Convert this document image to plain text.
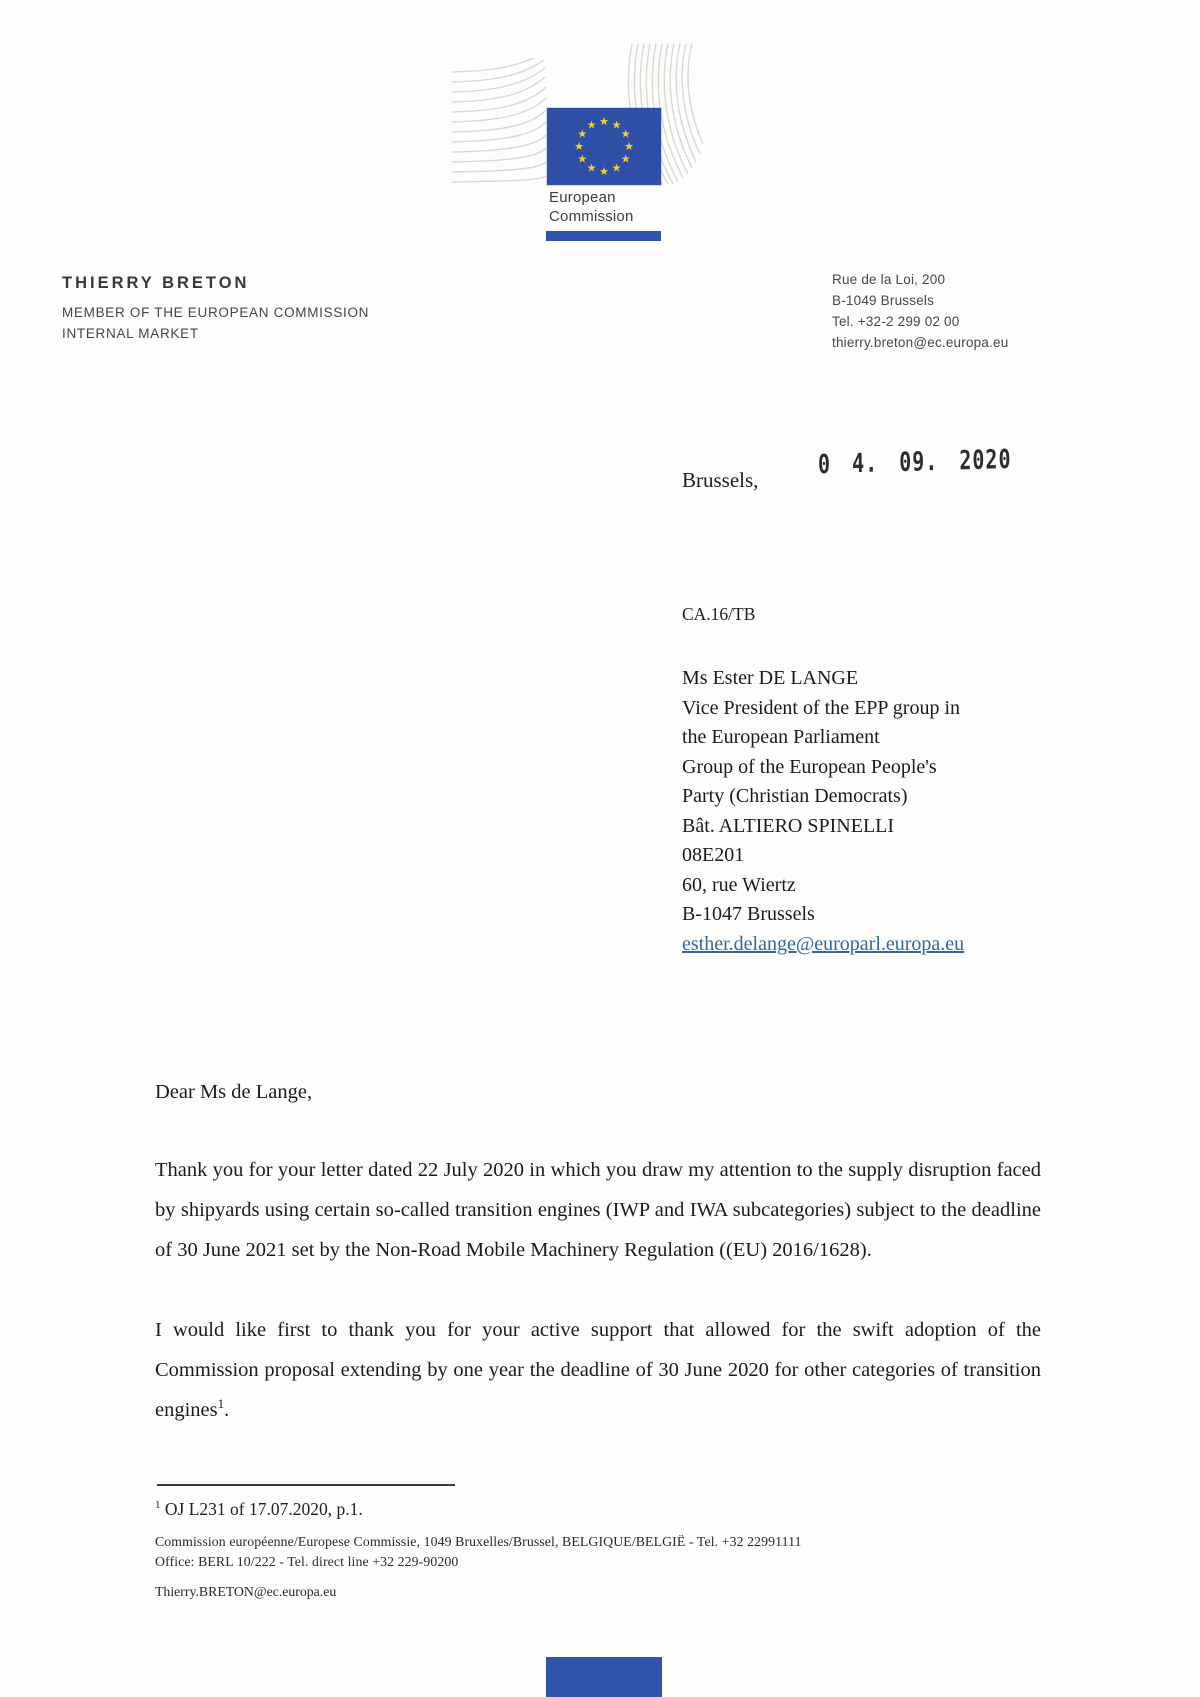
★
★
★
★
★
★
★
★
★
★
★
★
European
Commission
THIERRY BRETON
MEMBER OF THE EUROPEAN COMMISSION
INTERNAL MARKET
Rue de la Loi, 200
B-1049 Brussels
Tel. +32-2 299 02 00
thierry.breton@ec.europa.eu
Brussels,
0 4. 09. 2020
CA.16/TB
Ms Ester DE LANGE
Vice President of the EPP group in
the European Parliament
Group of the European People's
Party (Christian Democrats)
Bât. ALTIERO SPINELLI
08E201
60, rue Wiertz
B-1047 Brussels
esther.delange@europarl.europa.eu
Dear Ms de Lange,
Thank you for your letter dated 22 July 2020 in which you draw my attention to the supply disruption faced by shipyards using certain so-called transition engines (IWP and IWA subcategories) subject to the deadline of 30 June 2021 set by the Non-Road Mobile Machinery Regulation ((EU) 2016/1628).
I would like first to thank you for your active support that allowed for the swift adoption of the Commission proposal extending by one year the deadline of 30 June 2020 for other categories of transition engines$^1$.
$^1$ OJ L231 of 17.07.2020, p.1.
Commission européenne/Europese Commissie, 1049 Bruxelles/Brussel, BELGIQUE/BELGIË - Tel. +32 22991111
Office: BERL 10/222 - Tel. direct line +32 229-90200
Thierry.BRETON@ec.europa.eu
